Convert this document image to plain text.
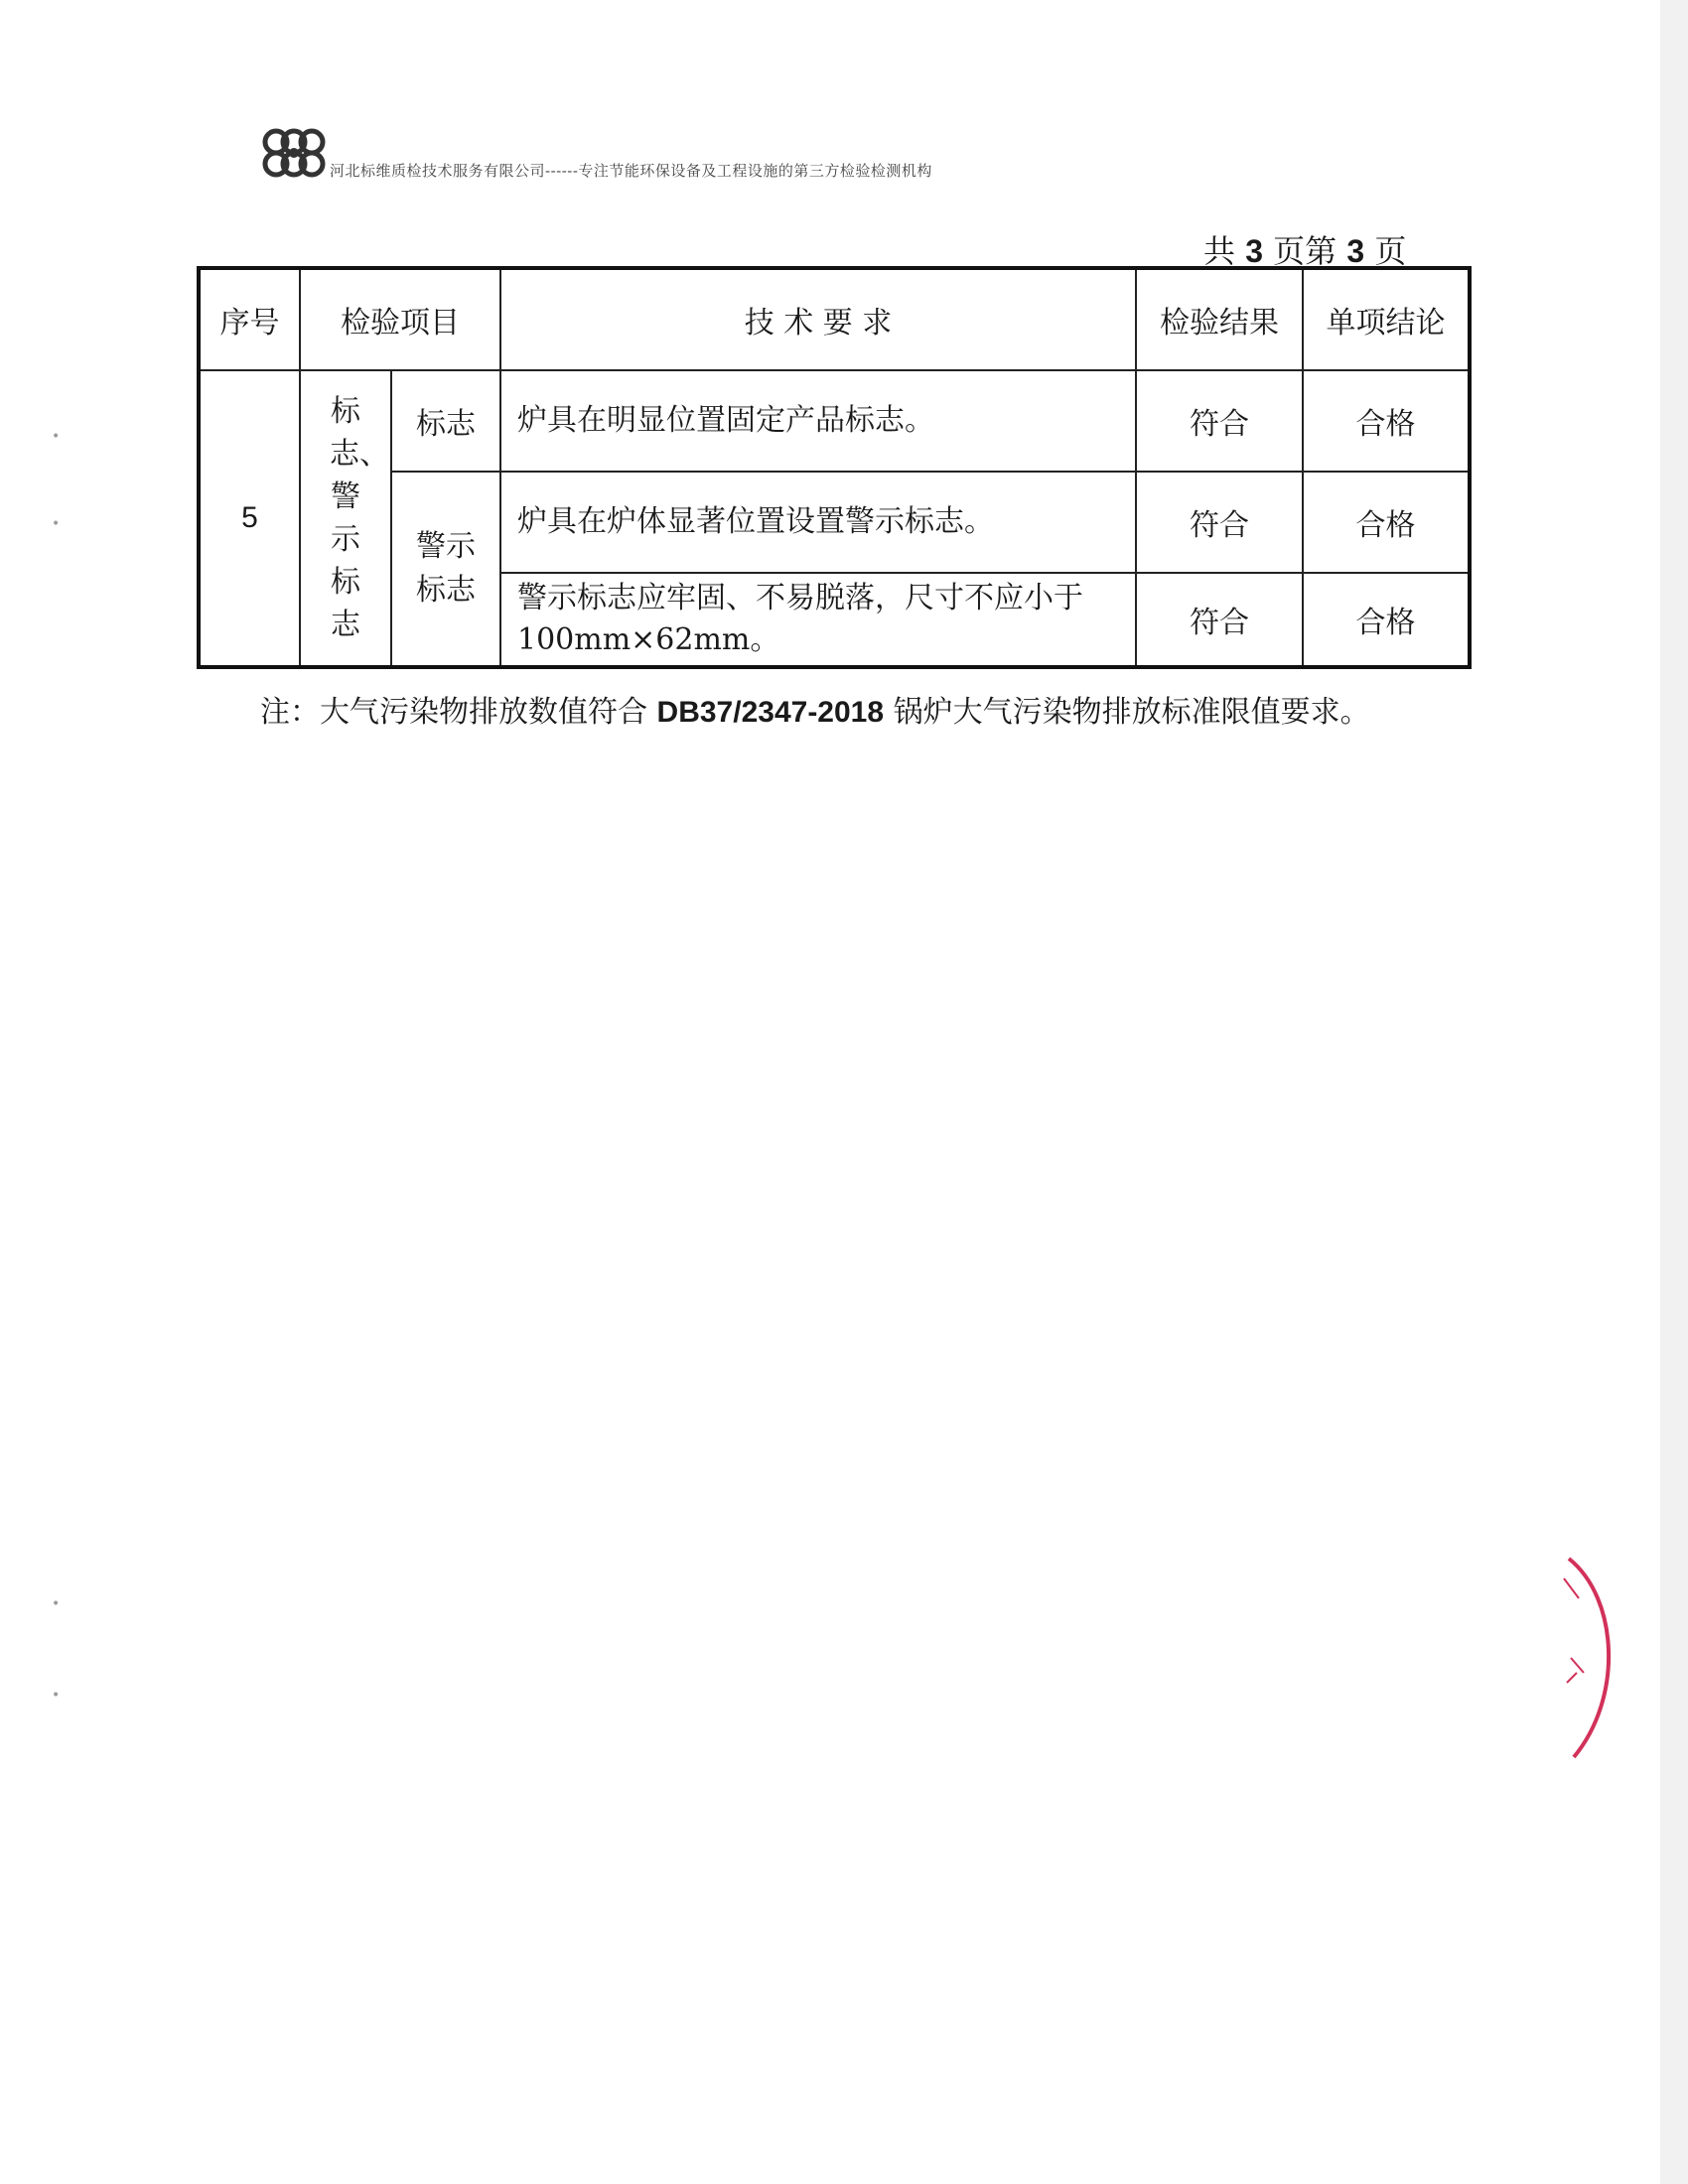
河北标维质检技术服务有限公司------专注节能环保设备及工程设施的第三方检验检测机构
共 3 页第 3 页
序号	检验项目		技 术 要 求	检验结果	单项结论
5	标志、警示标志	标志	炉具在明显位置固定产品标志。	符合	合格
		警示标志	炉具在炉体显著位置设置警示标志。	符合	合格
			警示标志应牢固、不易脱落，尺寸不应小于 100mm×62mm。	符合	合格
注：大气污染物排放数值符合 DB37/2347-2018 锅炉大气污染物排放标准限值要求。
•
•
•
•
